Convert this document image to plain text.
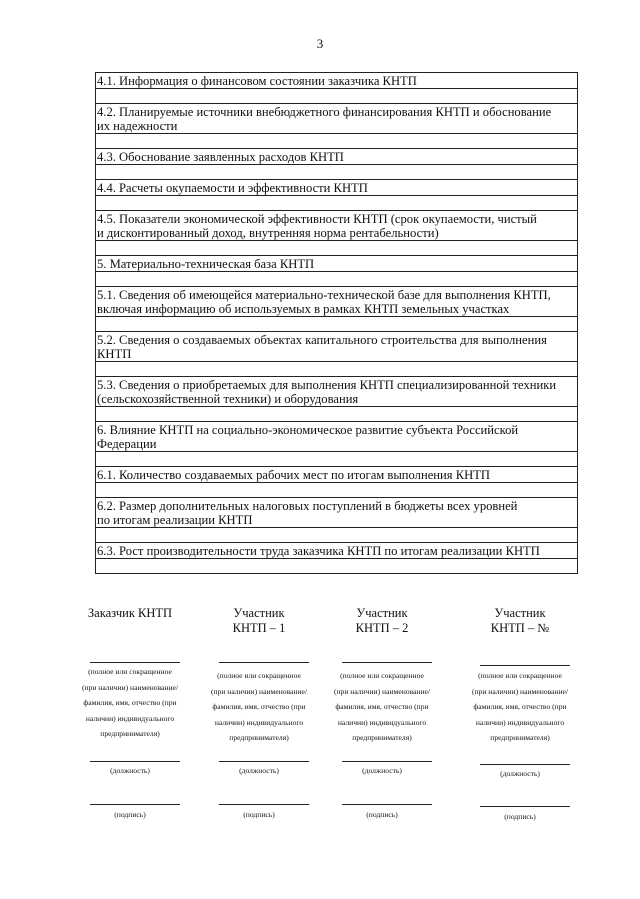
3
4.1. Информация о финансовом состоянии заказчика КНТП
4.2. Планируемые источники внебюджетного финансирования КНТП и обоснование
их надежности
4.3. Обоснование заявленных расходов КНТП
4.4. Расчеты окупаемости и эффективности КНТП
4.5. Показатели экономической эффективности КНТП (срок окупаемости, чистый
и дисконтированный доход, внутренняя норма рентабельности)
5. Материально-техническая база КНТП
5.1. Сведения об имеющейся материально-технической базе для выполнения КНТП,
включая информацию об используемых в рамках КНТП земельных участках
5.2. Сведения о создаваемых объектах капитального строительства для выполнения
КНТП
5.3. Сведения о приобретаемых для выполнения КНТП специализированной техники
(сельскохозяйственной техники) и оборудования
6. Влияние КНТП на социально-экономическое развитие субъекта Российской
Федерации
6.1. Количество создаваемых рабочих мест по итогам выполнения КНТП
6.2. Размер дополнительных налоговых поступлений в бюджеты всех уровней
по итогам реализации КНТП
6.3. Рост производительности труда заказчика КНТП по итогам реализации КНТП
Заказчик КНТП
(полное или сокращенное
(при наличии) наименование/
фамилия, имя, отчество (при
наличии) индивидуального
предпринимателя)
(должность)
(подпись)
Участник
КНТП – 1
(полное или сокращенное
(при наличии) наименование/
фамилия, имя, отчество (при
наличии) индивидуального
предпринимателя)
(должность)
(подпись)
Участник
КНТП – 2
(полное или сокращенное
(при наличии) наименование/
фамилия, имя, отчество (при
наличии) индивидуального
предпринимателя)
(должность)
(подпись)
Участник
КНТП – №
(полное или сокращенное
(при наличии) наименование/
фамилия, имя, отчество (при
наличии) индивидуального
предпринимателя)
(должность)
(подпись)
